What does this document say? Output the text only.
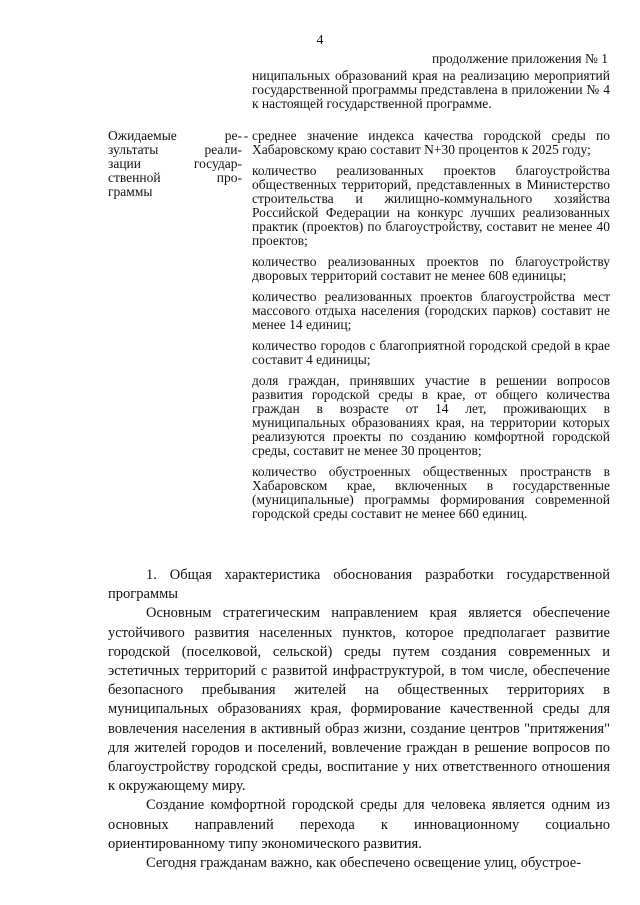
4
продолжение приложения № 1

ниципальных образований края на реализацию мероприятий государственной программы представлена в приложении № 4 к настоящей государственной программе.

Ожидаемые ре-
зультаты реали-
зации государ-
ственной про-
граммы
- среднее значение индекса качества городской среды по Хабаровскому краю составит N+30 процентов к 2025 году;

количество реализованных проектов благоустройства общественных территорий, представленных в Министерство строительства и жилищно-коммунального хозяйства Российской Федерации на конкурс лучших реализованных практик (проектов) по благоустройству, составит не менее 40 проектов;

количество реализованных проектов по благоустройству дворовых территорий составит не менее 608 единицы;

количество реализованных проектов благоустройства мест массового отдыха населения (городских парков) составит не менее 14 единиц;

количество городов с благоприятной городской средой в крае составит 4 единицы;

доля граждан, принявших участие в решении вопросов развития городской среды в крае, от общего количества граждан в возрасте от 14 лет, проживающих в муниципальных образованиях края, на территории которых реализуются проекты по созданию комфортной городской среды, составит не менее 30 процентов;

количество обустроенных общественных пространств в Хабаровском крае, включенных в государственные (муниципальные) программы формирования современной городской среды составит не менее 660 единиц.

1. Общая характеристика обоснования разработки государственной программы

Основным стратегическим направлением края является обеспечение устойчивого развития населенных пунктов, которое предполагает развитие городской (поселковой, сельской) среды путем создания современных и эстетичных территорий с развитой инфраструктурой, в том числе, обеспечение безопасного пребывания жителей на общественных территориях в муниципальных образованиях края, формирование качественной среды для вовлечения населения в активный образ жизни, создание центров "притяжения" для жителей городов и поселений, вовлечение граждан в решение вопросов по благоустройству городской среды, воспитание у них ответственного отношения к окружающему миру.

Создание комфортной городской среды для человека является одним из основных направлений перехода к инновационному социально ориентированному типу экономического развития.

Сегодня гражданам важно, как обеспечено освещение улиц, обустрое-
